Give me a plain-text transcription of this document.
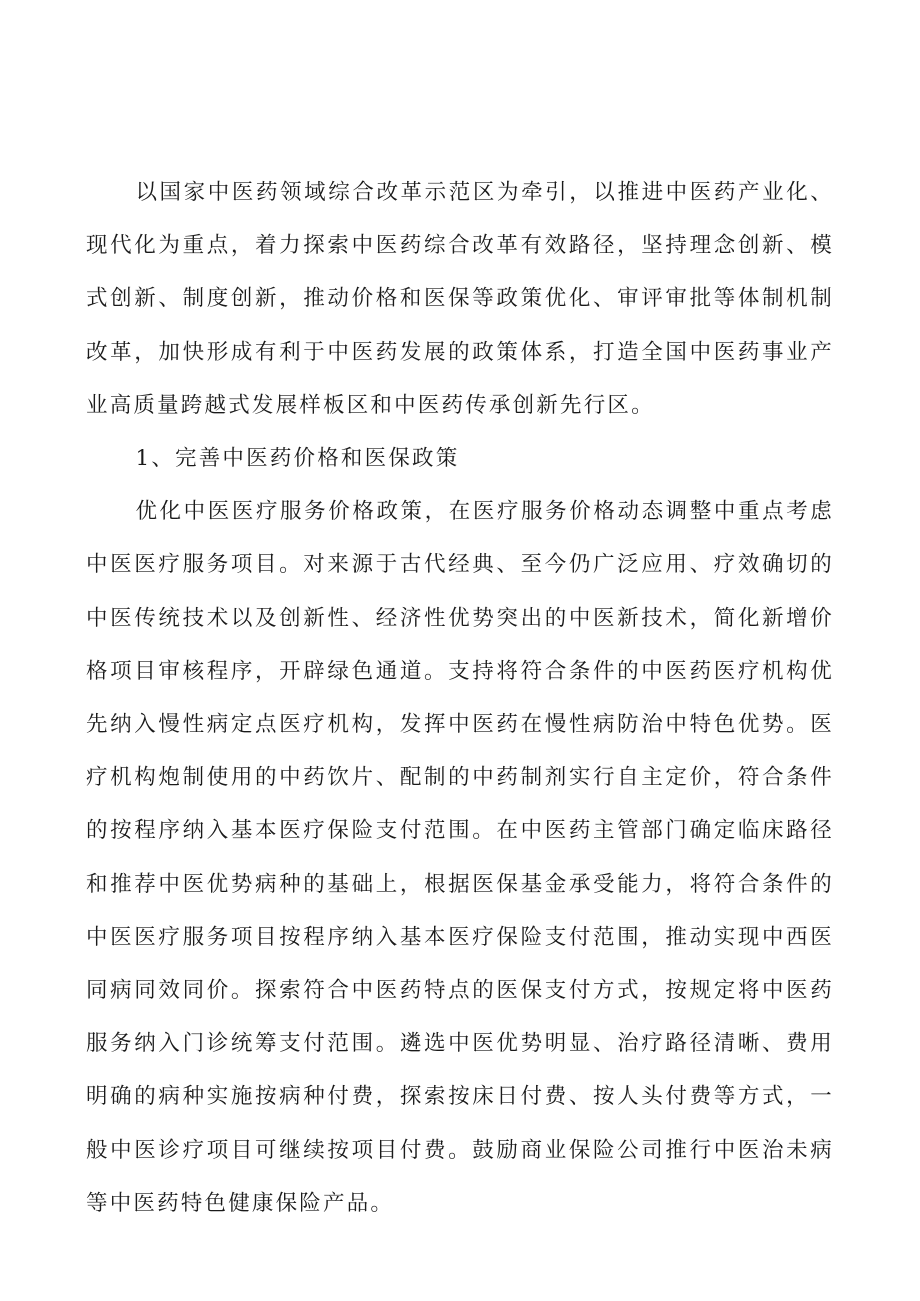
以国家中医药领域综合改革示范区为牵引，以推进中医药产业化、现代化为重点，着力探索中医药综合改革有效路径，坚持理念创新、模式创新、制度创新，推动价格和医保等政策优化、审评审批等体制机制改革，加快形成有利于中医药发展的政策体系，打造全国中医药事业产业高质量跨越式发展样板区和中医药传承创新先行区。

1、完善中医药价格和医保政策

优化中医医疗服务价格政策，在医疗服务价格动态调整中重点考虑中医医疗服务项目。对来源于古代经典、至今仍广泛应用、疗效确切的中医传统技术以及创新性、经济性优势突出的中医新技术，简化新增价格项目审核程序，开辟绿色通道。支持将符合条件的中医药医疗机构优先纳入慢性病定点医疗机构，发挥中医药在慢性病防治中特色优势。医疗机构炮制使用的中药饮片、配制的中药制剂实行自主定价，符合条件的按程序纳入基本医疗保险支付范围。在中医药主管部门确定临床路径和推荐中医优势病种的基础上，根据医保基金承受能力，将符合条件的中医医疗服务项目按程序纳入基本医疗保险支付范围，推动实现中西医同病同效同价。探索符合中医药特点的医保支付方式，按规定将中医药服务纳入门诊统筹支付范围。遴选中医优势明显、治疗路径清晰、费用明确的病种实施按病种付费，探索按床日付费、按人头付费等方式，一般中医诊疗项目可继续按项目付费。鼓励商业保险公司推行中医治未病等中医药特色健康保险产品。
